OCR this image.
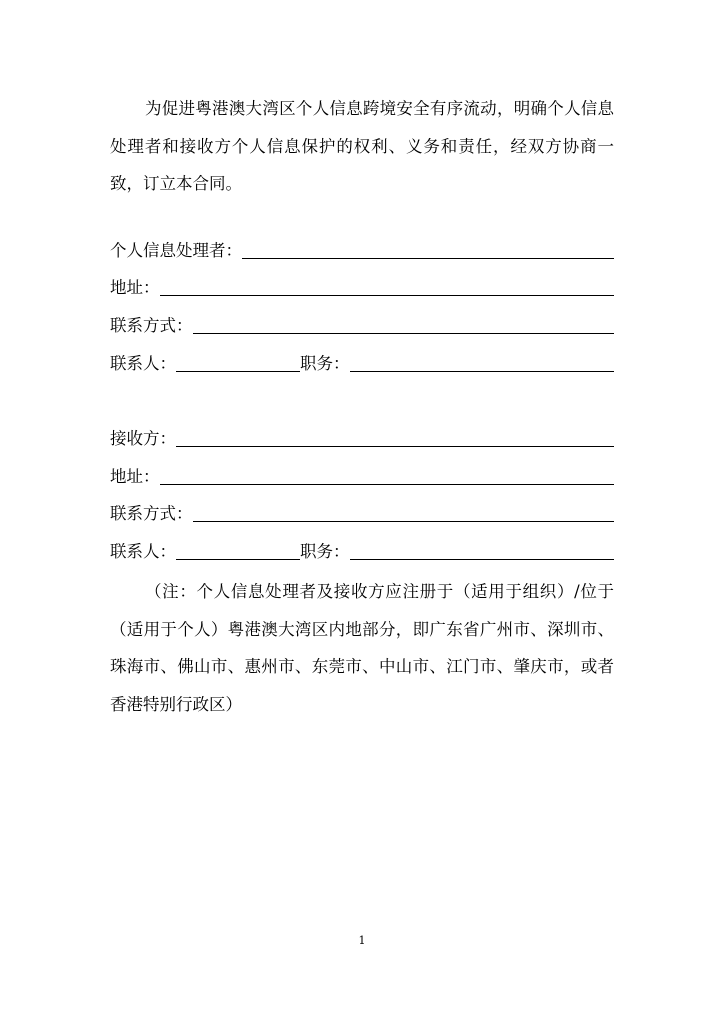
为促进粤港澳大湾区个人信息跨境安全有序流动，明确个人信息处理者和接收方个人信息保护的权利、义务和责任，经双方协商一致，订立本合同。

个人信息处理者：
地址：
联系方式：
联系人：	职务：
接收方：
地址：
联系方式：
联系人：	职务：

（注：个人信息处理者及接收方应注册于（适用于组织）/位于（适用于个人）粤港澳大湾区内地部分，即广东省广州市、深圳市、珠海市、佛山市、惠州市、东莞市、中山市、江门市、肇庆市，或者香港特别行政区）

1
